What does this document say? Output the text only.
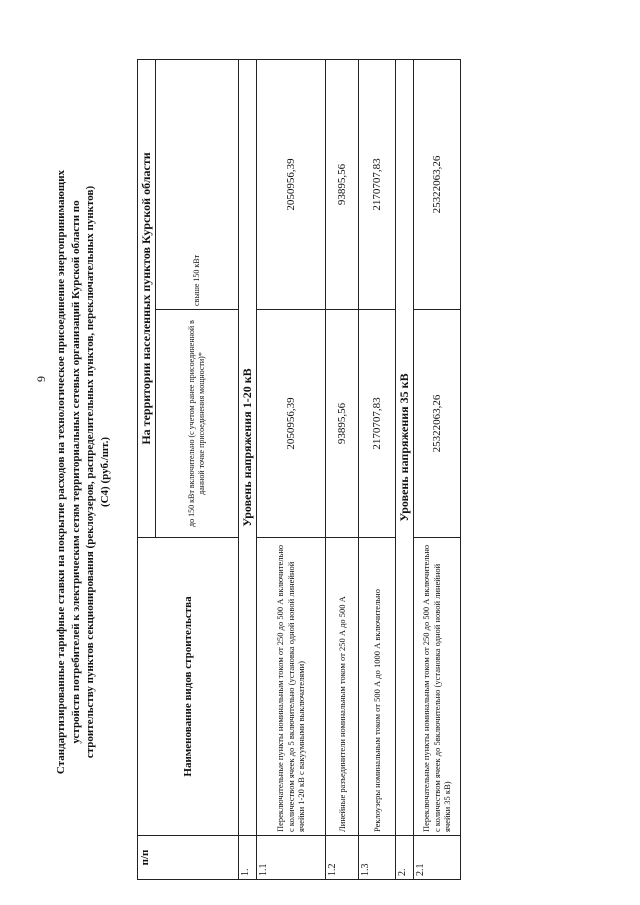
9 Стандартизированные тарифные ставки на покрытие расходов на технологическое присоединение энергопринимающих устройств потребителей к электрическим сетям территориальных сетевых организаций Курской области по строительству пунктов секционирования (реклоузеров, распределительных пунктов, переключательных пунктов) (С4) (руб./шт.)
п/п	Наименование видов строительства	На территории населенных пунктов Курской области	
		до 150 кВт включительно (с учетом ранее присоединенной в данной точке присоединения мощности)*	свыше 150 кВт
1.	Уровень напряжения 1-20 кВ		
1.1	Переключательные пункты номинальным током от 250 до 500 А включительно с количеством ячеек до 5 включительно (установка одной новой линейной ячейки 1-20 кВ с вакуумными выключателями)	2050956,39	2050956,39
1.2	Линейные разъединители номинальным током от 250 А до 500 А	93895,56	93895,56
1.3	Реклоузеры номинальным током от 500 А до 1000 А включительно	2170707,83	2170707,83
2.	Уровень напряжения 35 кВ		
2.1	Переключательные пункты номинальным током от 250 до 500 А включительно с количеством ячеек до 5включительно (установка одной новой линейной ячейки 35 кВ)	25322063,26	25322063,26
